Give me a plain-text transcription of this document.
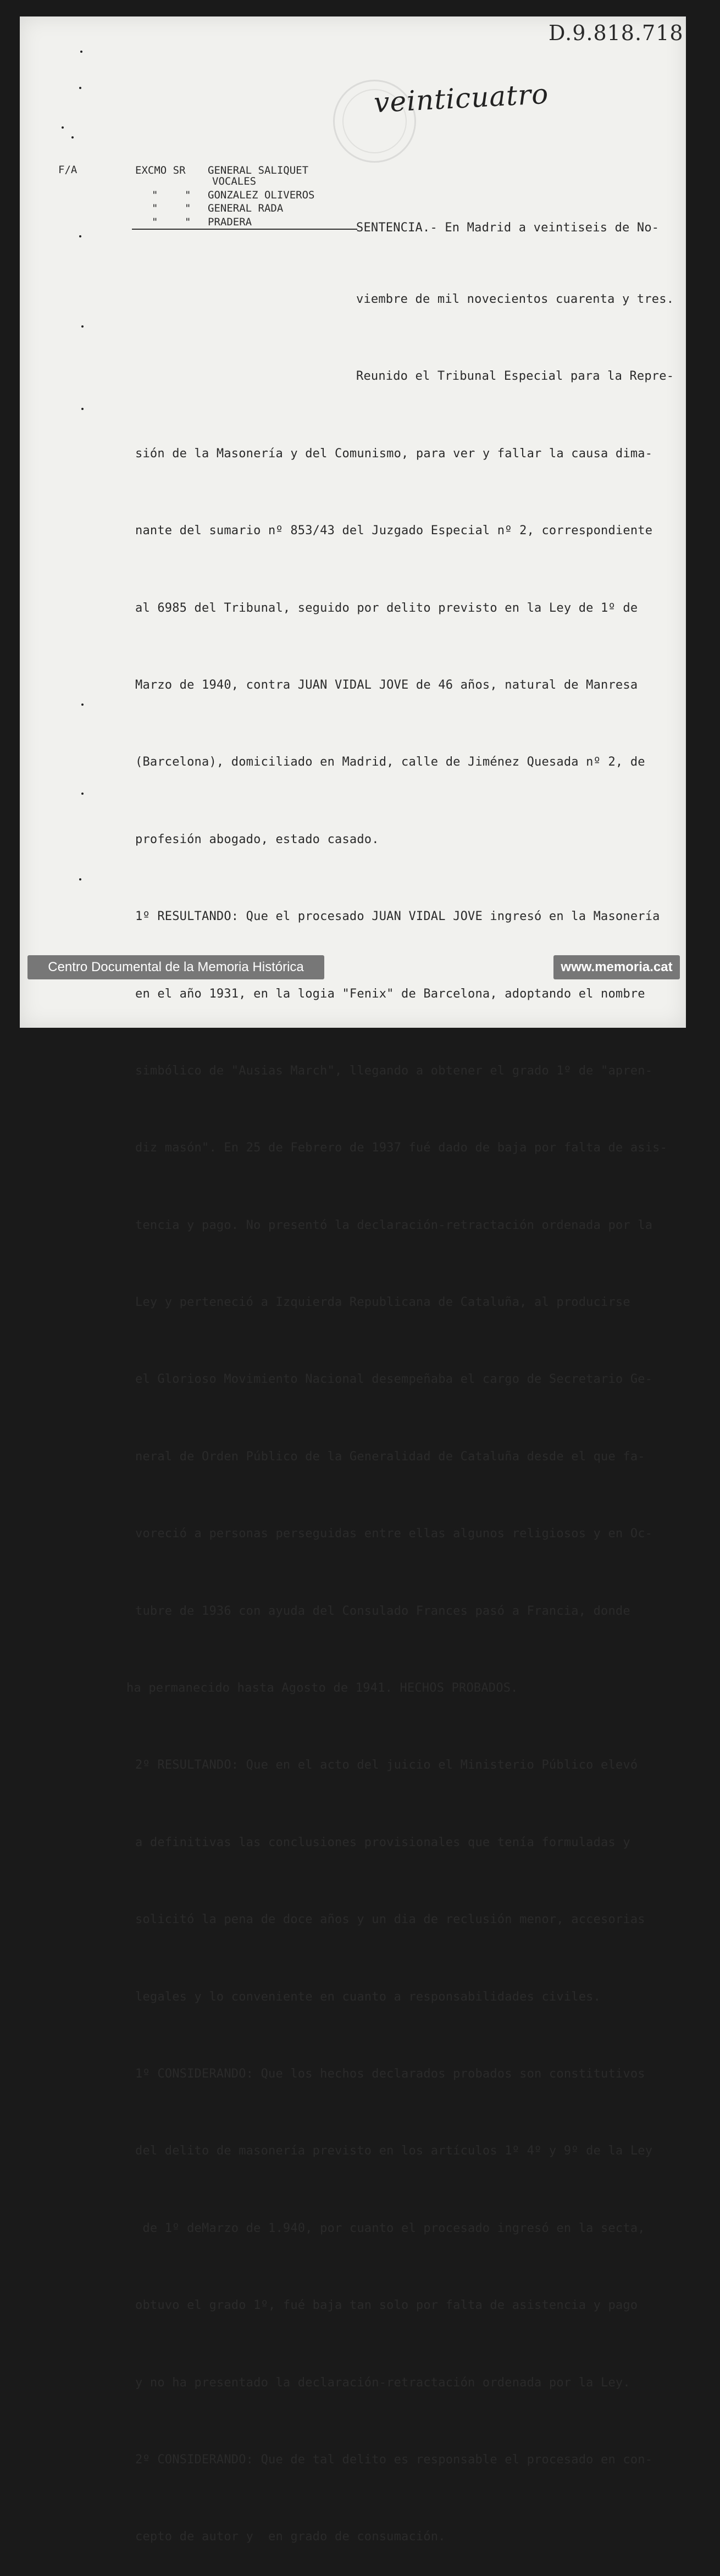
D.9.818.718
veinticuatro
F/A	EXCMO SR GENERAL SALIQUET
VOCALES
"	" GONZALEZ OLIVEROS
"	" GENERAL RADA
"	" PRADERA

	SENTENCIA.- En Madrid a veintiseis de No-

viembre de mil novecientos cuarenta y tres.

Reunido el Tribunal Especial para la Repre-

sión de la Masonería y del Comunismo, para ver y fallar la causa dima-

nante del sumario nº 853/43 del Juzgado Especial nº 2, correspondiente

al 6985 del Tribunal, seguido por delito previsto en la Ley de 1º de

Marzo de 1940, contra JUAN VIDAL JOVE de 46 años, natural de Manresa

(Barcelona), domiciliado en Madrid, calle de Jiménez Quesada nº 2, de

profesión abogado, estado casado.

1º RESULTANDO: Que el procesado JUAN VIDAL JOVE ingresó en la Masonería

en el año 1931, en la logia "Fenix" de Barcelona, adoptando el nombre

simbólico de "Ausias March", llegando a obtener el grado 1º de "apren-

diz masón". En 25 de Febrero de 1937 fué dado de baja por falta de asis-

tencia y pago. No presentó la declaración-retractación ordenada por la

Ley y perteneció a Izquierda Republicana de Cataluña, al producirse

el Glorioso Movimiento Nacional desempeñaba el cargo de Secretario Ge-

neral de Orden Público de la Generalidad de Cataluña desde el que fa-

voreció a personas perseguidas entre ellas algunos religiosos y en Oc-

tubre de 1936 con ayuda del Consulado Frances pasó a Francia, donde

ha permanecido hasta Agosto de 1941. HECHOS PROBADOS.

2º RESULTANDO: Que en el acto del juicio el Ministerio Público elevó

a definitivas las conclusiones provisionales que tenía formuladas y

solicitó la pena de doce años y un dia de reclusión menor, accesorias

legales y lo conveniente en cuanto a responsabilidades civiles.

1º CONSIDERANDO: Que los hechos declarados probados son constitutivos

del delito de masonería previsto en los artículos 1º 4º y 9º de la Ley

de 1º deMarzo de 1.940, por cuanto el procesado ingresó en la secta,

obtuvo el grado 1º, fué baja tan solo por falta de asistencia y pago

y no ha presentado la declaración-retractación ordenada por la Ley.

2º CONSIDERANDO: Que de tal delito es responsable el procesado en con-

cepto de autor y  en grado de consumación.

Centro Documental de la Memoria Histórica	www.memoria.cat
